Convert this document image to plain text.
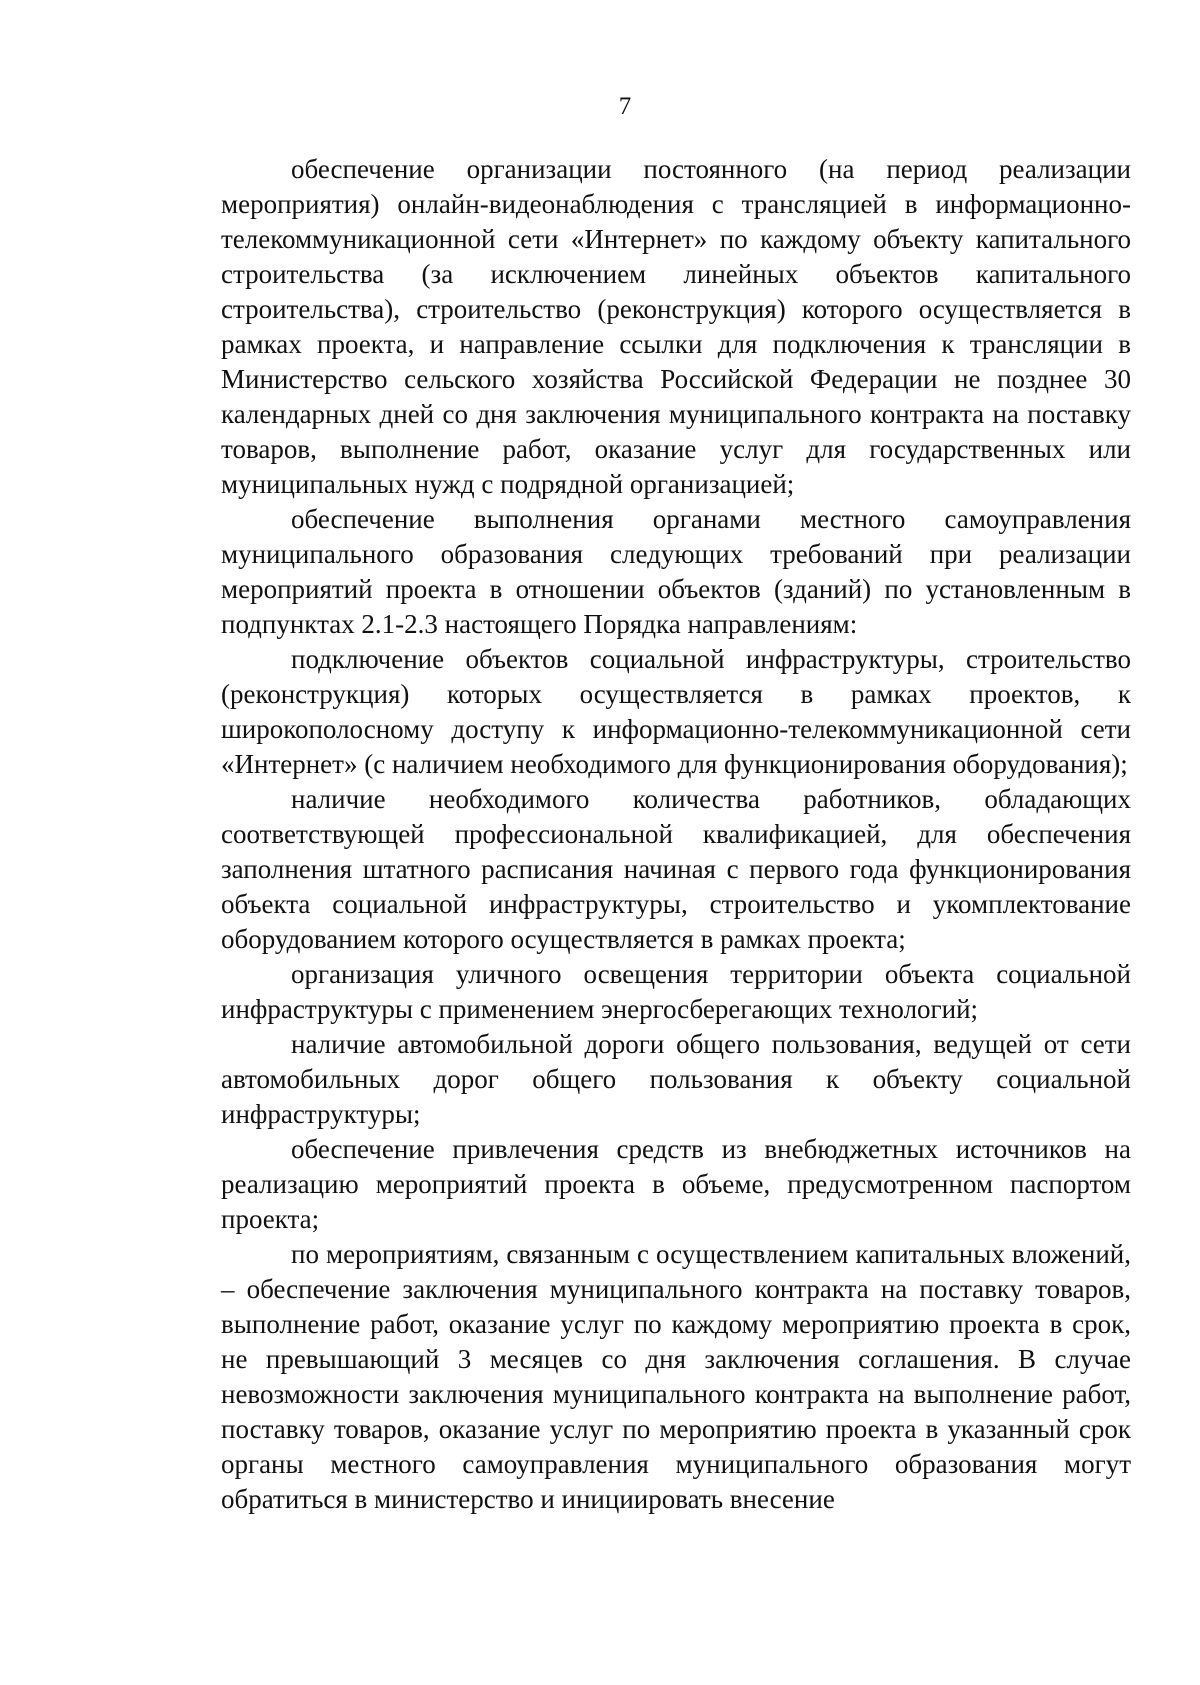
7

обеспечение организации постоянного (на период реализации мероприятия) онлайн-видеонаблюдения с трансляцией в информационно-телекоммуникационной сети «Интернет» по каждому объекту капитального строительства (за исключением линейных объектов капитального строительства), строительство (реконструкция) которого осуществляется в рамках проекта, и направление ссылки для подключения к трансляции в Министерство сельского хозяйства Российской Федерации не позднее 30 календарных дней со дня заключения муниципального контракта на поставку товаров, выполнение работ, оказание услуг для государственных или муниципальных нужд с подрядной организацией;

обеспечение выполнения органами местного самоуправления муниципального образования следующих требований при реализации мероприятий проекта в отношении объектов (зданий) по установленным в подпунктах 2.1-2.3 настоящего Порядка направлениям:

подключение объектов социальной инфраструктуры, строительство (реконструкция) которых осуществляется в рамках проектов, к широкополосному доступу к информационно-телекоммуникационной сети «Интернет» (с наличием необходимого для функционирования оборудования);

наличие необходимого количества работников, обладающих соответствующей профессиональной квалификацией, для обеспечения заполнения штатного расписания начиная с первого года функционирования объекта социальной инфраструктуры, строительство и укомплектование оборудованием которого осуществляется в рамках проекта;

организация уличного освещения территории объекта социальной инфраструктуры с применением энергосберегающих технологий;

наличие автомобильной дороги общего пользования, ведущей от сети автомобильных дорог общего пользования к объекту социальной инфраструктуры;

обеспечение привлечения средств из внебюджетных источников на реализацию мероприятий проекта в объеме, предусмотренном паспортом проекта;

по мероприятиям, связанным с осуществлением капитальных вложений, – обеспечение заключения муниципального контракта на поставку товаров, выполнение работ, оказание услуг по каждому мероприятию проекта в срок, не превышающий 3 месяцев со дня заключения соглашения. В случае невозможности заключения муниципального контракта на выполнение работ, поставку товаров, оказание услуг по мероприятию проекта в указанный срок органы местного самоуправления муниципального образования могут обратиться в министерство и инициировать внесение
